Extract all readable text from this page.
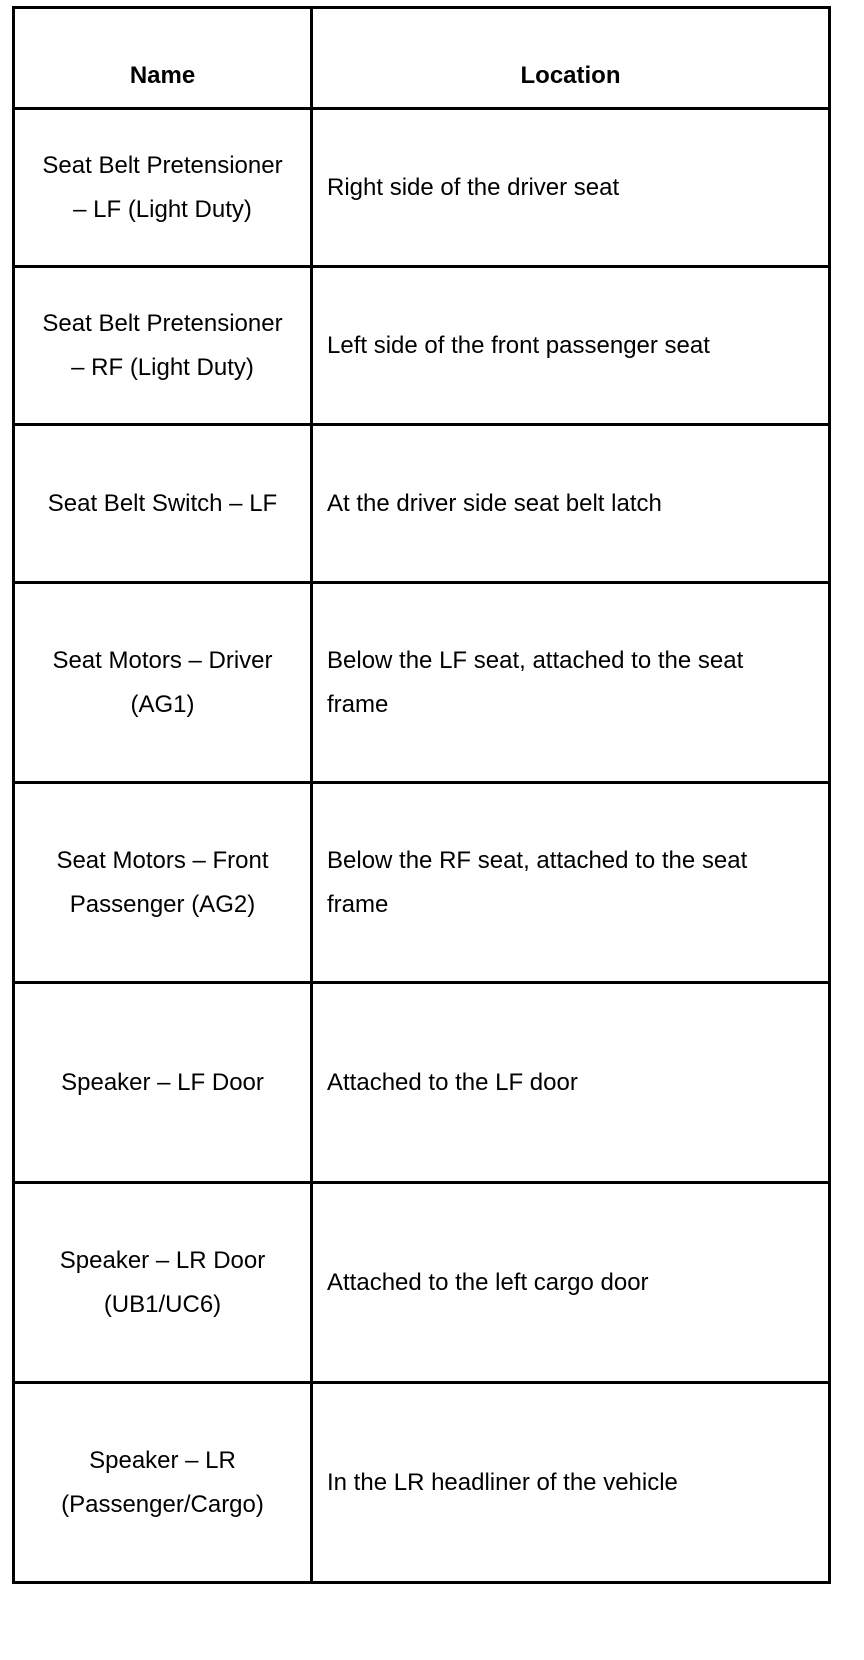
Name	Location
Seat Belt Pretensioner – LF (Light Duty)	Right side of the driver seat
Seat Belt Pretensioner – RF (Light Duty)	Left side of the front passenger seat
Seat Belt Switch – LF	At the driver side seat belt latch
Seat Motors – Driver (AG1)	Below the LF seat, attached to the seat frame
Seat Motors – Front Passenger (AG2)	Below the RF seat, attached to the seat frame
Speaker – LF Door	Attached to the LF door
Speaker – LR Door (UB1/UC6)	Attached to the left cargo door
Speaker – LR (Passenger/Cargo)	In the LR headliner of the vehicle
